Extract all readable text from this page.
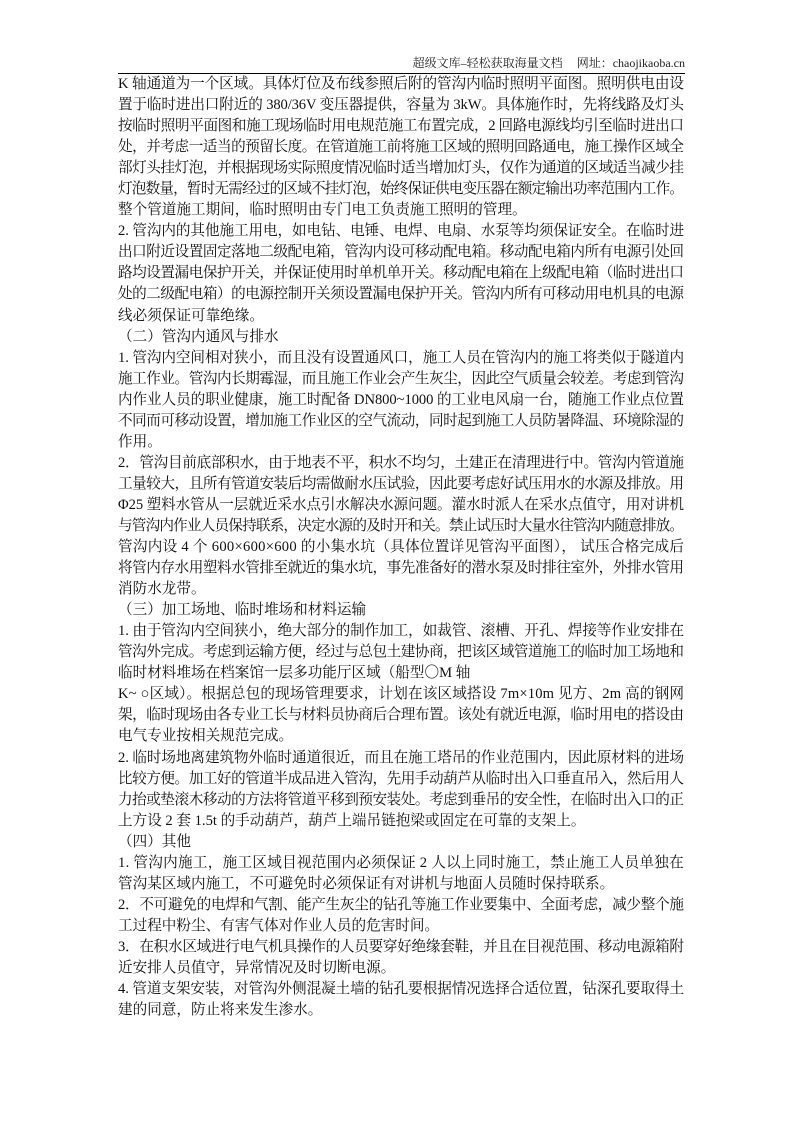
超级文库–轻松获取海量文档 网址：chaojikaoba.cn
K 轴通道为一个区域。具体灯位及布线参照后附的管沟内临时照明平面图。照明供电由设
置于临时进出口附近的 380/36V 变压器提供，容量为 3kW。具体施作时，先将线路及灯头
按临时照明平面图和施工现场临时用电规范施工布置完成，2 回路电源线均引至临时进出口
处，并考虑一适当的预留长度。在管道施工前将施工区域的照明回路通电，施工操作区域全
部灯头挂灯泡，并根据现场实际照度情况临时适当增加灯头，仅作为通道的区域适当减少挂
灯泡数量，暂时无需经过的区域不挂灯泡，始终保证供电变压器在额定输出功率范围内工作。
整个管道施工期间，临时照明由专门电工负责施工照明的管理。
2. 管沟内的其他施工用电，如电钻、电锤、电焊、电扇、水泵等均须保证安全。在临时进
出口附近设置固定落地二级配电箱，管沟内设可移动配电箱。移动配电箱内所有电源引处回
路均设置漏电保护开关，并保证使用时单机单开关。移动配电箱在上级配电箱（临时进出口
处的二级配电箱）的电源控制开关须设置漏电保护开关。管沟内所有可移动用电机具的电源
线必须保证可靠绝缘。
（二）管沟内通风与排水
1. 管沟内空间相对狭小，而且没有设置通风口，施工人员在管沟内的施工将类似于隧道内
施工作业。管沟内长期霉湿，而且施工作业会产生灰尘，因此空气质量会较差。考虑到管沟
内作业人员的职业健康，施工时配备 DN800~1000 的工业电风扇一台，随施工作业点位置
不同而可移动设置，增加施工作业区的空气流动，同时起到施工人员防暑降温、环境除湿的
作用。
2．管沟目前底部积水，由于地表不平，积水不均匀，土建正在清理进行中。管沟内管道施
工量较大，且所有管道安装后均需做耐水压试验，因此要考虑好试压用水的水源及排放。用
Φ25 塑料水管从一层就近采水点引水解决水源问题。灌水时派人在采水点值守，用对讲机
与管沟内作业人员保持联系，决定水源的及时开和关。禁止试压时大量水往管沟内随意排放。
管沟内设 4 个 600×600×600 的小集水坑（具体位置详见管沟平面图）， 试压合格完成后
将管内存水用塑料水管排至就近的集水坑，事先准备好的潜水泵及时排往室外，外排水管用
消防水龙带。
（三）加工场地、临时堆场和材料运输
1. 由于管沟内空间狭小，绝大部分的制作加工，如裁管、滚槽、开孔、焊接等作业安排在
管沟外完成。考虑到运输方便，经过与总包土建协商，把该区域管道施工的临时加工场地和
临时材料堆场在档案馆一层多功能厅区域（船型〇M 轴
K~ ○区域）。根据总包的现场管理要求，计划在该区域搭设 7m×10m 见方、2m 高的钢网
架，临时现场由各专业工长与材料员协商后合理布置。该处有就近电源，临时用电的搭设由
电气专业按相关规范完成。
2. 临时场地离建筑物外临时通道很近，而且在施工塔吊的作业范围内，因此原材料的进场
比较方便。加工好的管道半成品进入管沟，先用手动葫芦从临时出入口垂直吊入，然后用人
力抬或垫滚木移动的方法将管道平移到预安装处。考虑到垂吊的安全性，在临时出入口的正
上方设 2 套 1.5t 的手动葫芦，葫芦上端吊链抱梁或固定在可靠的支架上。
（四）其他
1. 管沟内施工，施工区域目视范围内必须保证 2 人以上同时施工，禁止施工人员单独在
管沟某区域内施工，不可避免时必须保证有对讲机与地面人员随时保持联系。
2．不可避免的电焊和气割、能产生灰尘的钻孔等施工作业要集中、全面考虑，减少整个施
工过程中粉尘、有害气体对作业人员的危害时间。
3．在积水区域进行电气机具操作的人员要穿好绝缘套鞋，并且在目视范围、移动电源箱附
近安排人员值守，异常情况及时切断电源。
4. 管道支架安装，对管沟外侧混凝土墙的钻孔要根据情况选择合适位置，钻深孔要取得土
建的同意，防止将来发生渗水。
